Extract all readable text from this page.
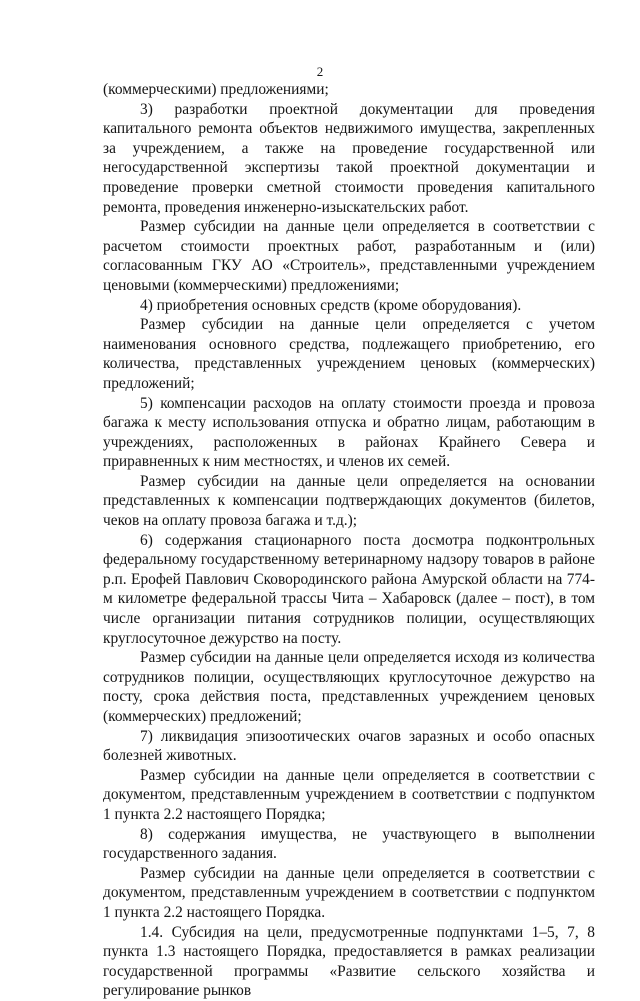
2

(коммерческими) предложениями;

3) разработки проектной документации для проведения капитального ремонта объектов недвижимого имущества, закрепленных за учреждением, а также на проведение государственной или негосударственной экспертизы такой проектной документации и проведение проверки сметной стоимости проведения капитального ремонта, проведения инженерно-изыскательских работ.

Размер субсидии на данные цели определяется в соответствии с расчетом стоимости проектных работ, разработанным и (или) согласованным ГКУ АО «Строитель», представленными учреждением ценовыми (коммерческими) предложениями;

4) приобретения основных средств (кроме оборудования).

Размер субсидии на данные цели определяется с учетом наименования основного средства, подлежащего приобретению, его количества, представленных учреждением ценовых (коммерческих) предложений;

5) компенсации расходов на оплату стоимости проезда и провоза багажа к месту использования отпуска и обратно лицам, работающим в учреждениях, расположенных в районах Крайнего Севера и приравненных к ним местностях, и членов их семей.

Размер субсидии на данные цели определяется на основании представленных к компенсации подтверждающих документов (билетов, чеков на оплату провоза багажа и т.д.);

6) содержания стационарного поста досмотра подконтрольных федеральному государственному ветеринарному надзору товаров в районе р.п. Ерофей Павлович Сковородинского района Амурской области на 774-м километре федеральной трассы Чита – Хабаровск (далее – пост), в том числе организации питания сотрудников полиции, осуществляющих круглосуточное дежурство на посту.

Размер субсидии на данные цели определяется исходя из количества сотрудников полиции, осуществляющих круглосуточное дежурство на посту, срока действия поста, представленных учреждением ценовых (коммерческих) предложений;

7) ликвидация эпизоотических очагов заразных и особо опасных болезней животных.

Размер субсидии на данные цели определяется в соответствии с документом, представленным учреждением в соответствии с подпунктом 1 пункта 2.2 настоящего Порядка;

8) содержания имущества, не участвующего в выполнении государственного задания.

Размер субсидии на данные цели определяется в соответствии с документом, представленным учреждением в соответствии с подпунктом 1 пункта 2.2 настоящего Порядка.

1.4. Субсидия на цели, предусмотренные подпунктами 1–5, 7, 8 пункта 1.3 настоящего Порядка, предоставляется в рамках реализации государственной программы «Развитие сельского хозяйства и регулирование рынков
